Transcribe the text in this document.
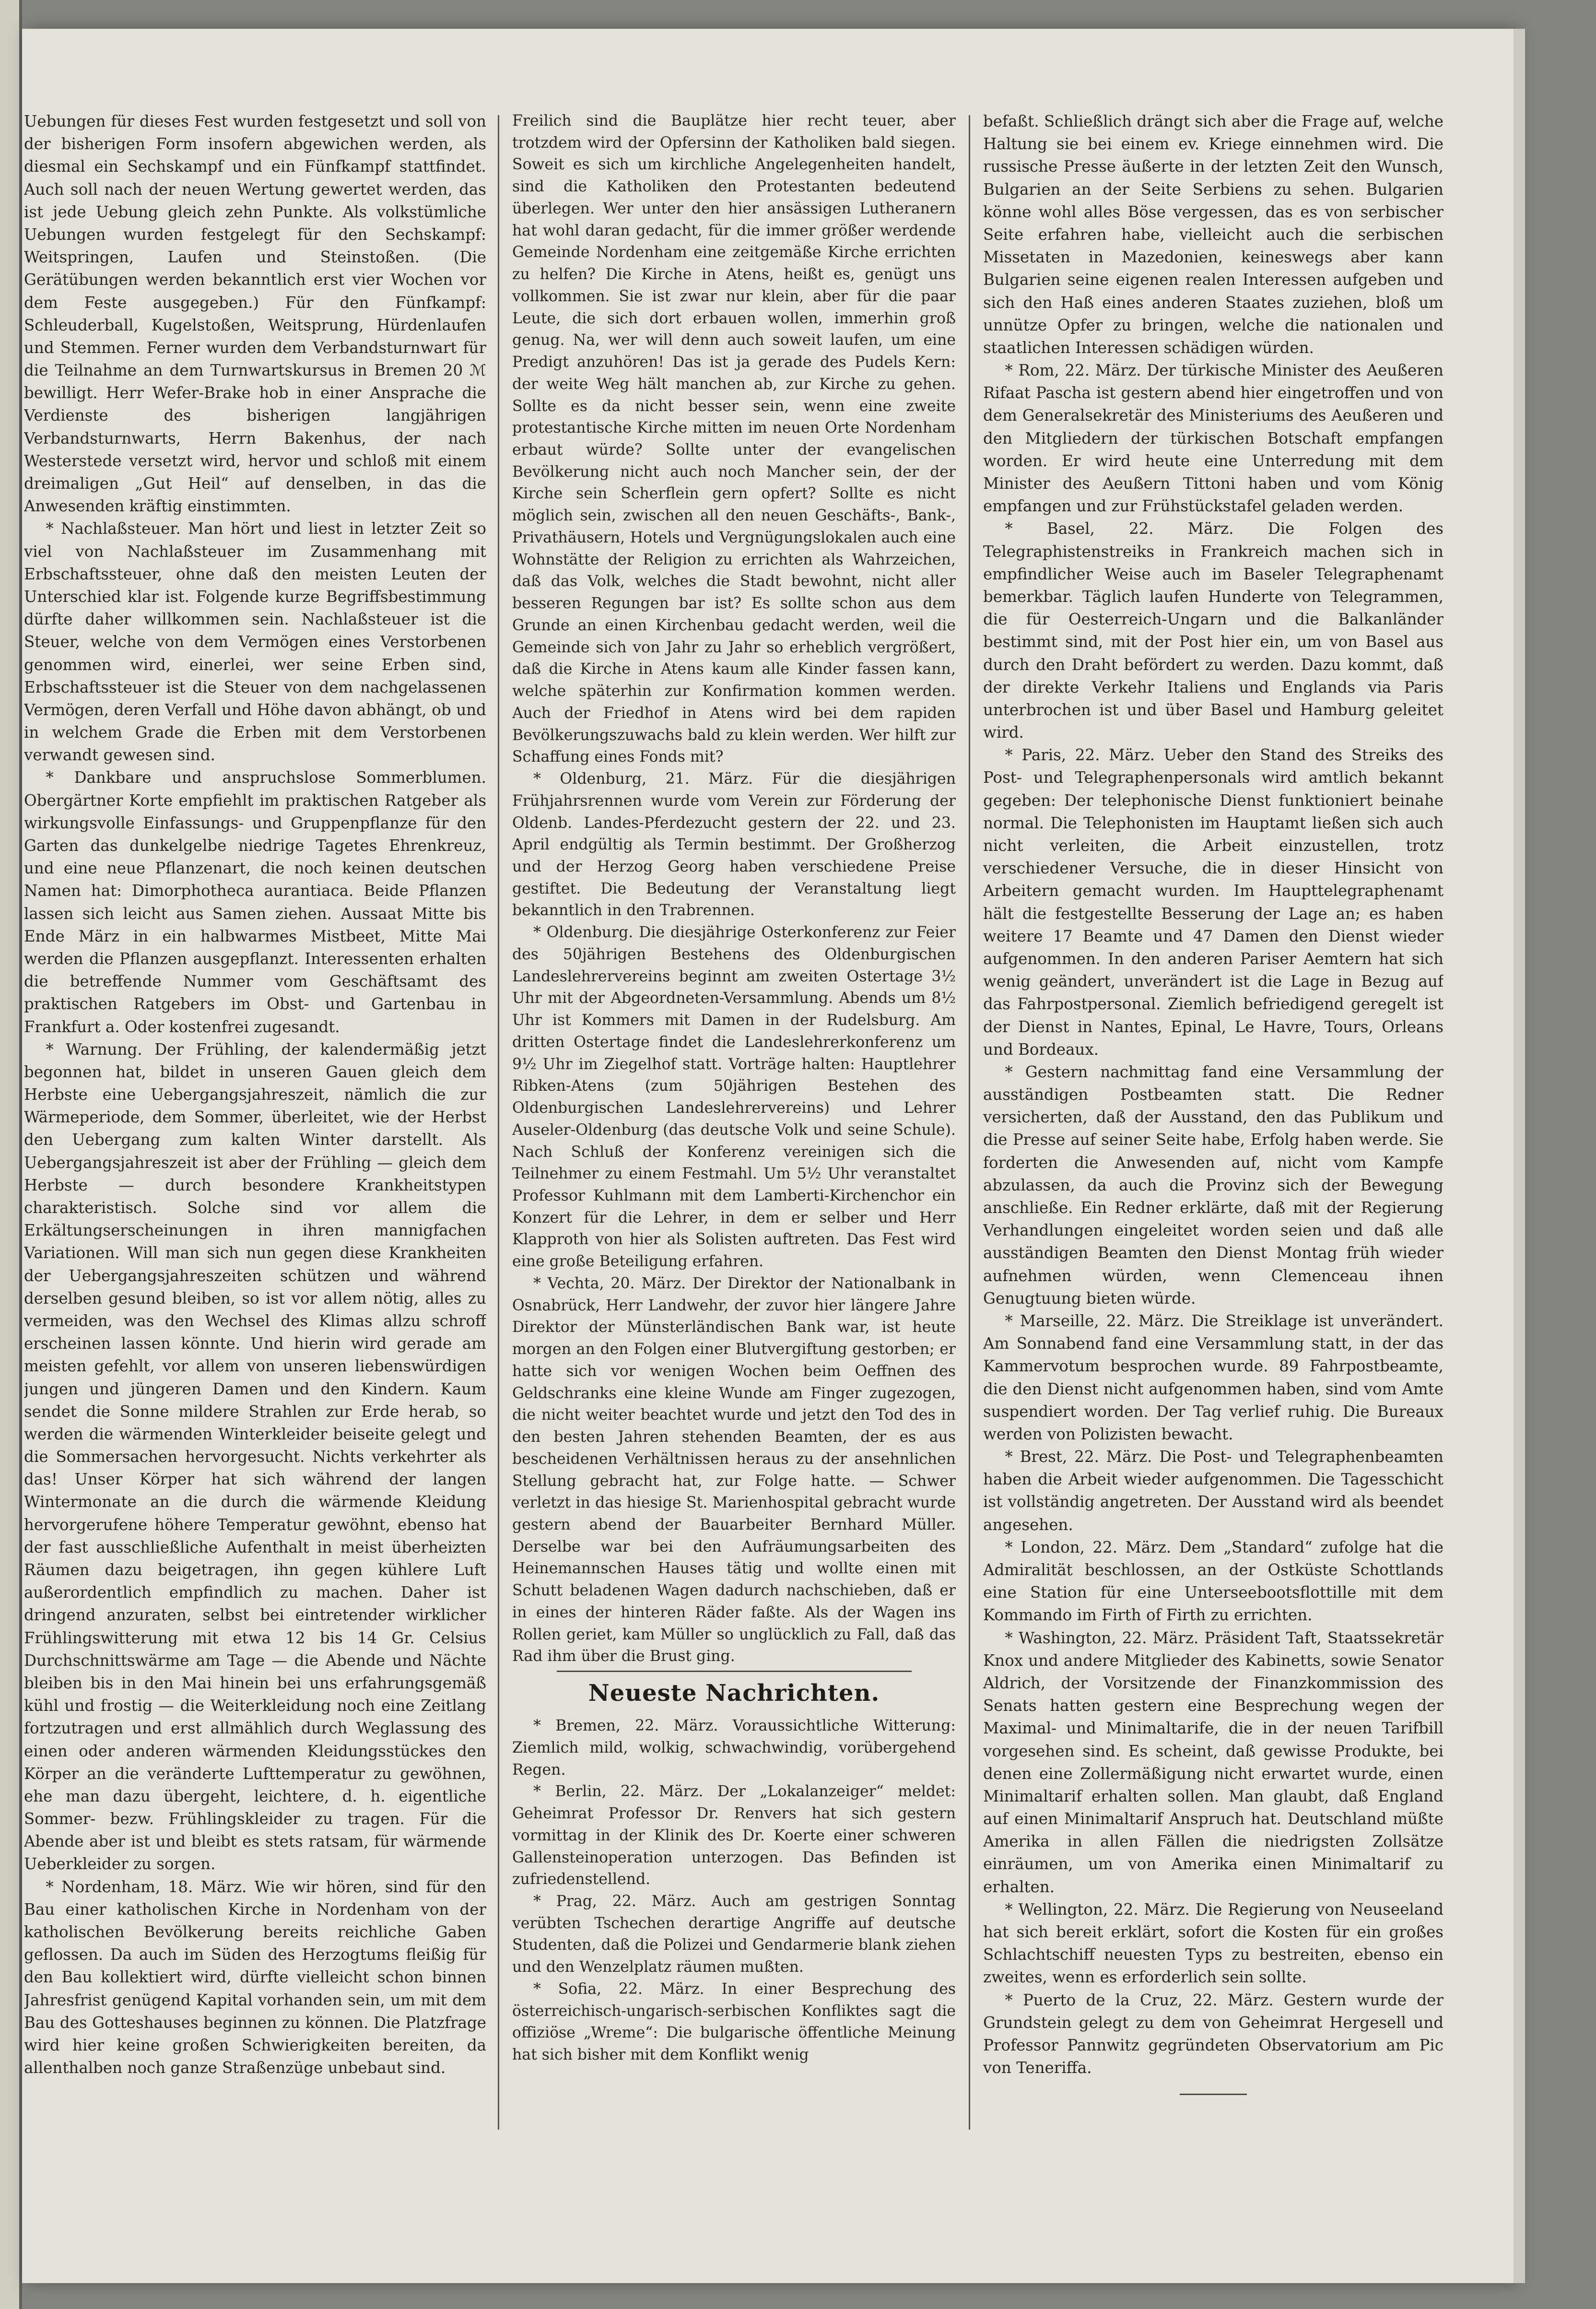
Uebungen für dieses Fest wurden festgesetzt und soll von der bisherigen Form insofern abgewichen werden, als diesmal ein Sechskampf und ein Fünfkampf stattfindet. Auch soll nach der neuen Wertung gewertet werden, das ist jede Uebung gleich zehn Punkte. Als volkstümliche Uebungen wurden festgelegt für den Sechskampf: Weitspringen, Laufen und Steinstoßen. (Die Gerätübungen werden bekanntlich erst vier Wochen vor dem Feste ausgegeben.) Für den Fünfkampf: Schleuderball, Kugelstoßen, Weitsprung, Hürdenlaufen und Stemmen. Ferner wurden dem Verbandsturnwart für die Teilnahme an dem Turnwartskursus in Bremen 20 ℳ bewilligt. Herr Wefer-Brake hob in einer Ansprache die Verdienste des bisherigen langjährigen Verbandsturnwarts, Herrn Bakenhus, der nach Westerstede versetzt wird, hervor und schloß mit einem dreimaligen „Gut Heil“ auf denselben, in das die Anwesenden kräftig einstimmten.

* Nachlaßsteuer. Man hört und liest in letzter Zeit so viel von Nachlaßsteuer im Zusammenhang mit Erbschaftssteuer, ohne daß den meisten Leuten der Unterschied klar ist. Folgende kurze Begriffsbestimmung dürfte daher willkommen sein. Nachlaßsteuer ist die Steuer, welche von dem Vermögen eines Verstorbenen genommen wird, einerlei, wer seine Erben sind, Erbschaftssteuer ist die Steuer von dem nachgelassenen Vermögen, deren Verfall und Höhe davon abhängt, ob und in welchem Grade die Erben mit dem Verstorbenen verwandt gewesen sind.

* Dankbare und anspruchslose Sommerblumen. Obergärtner Korte empfiehlt im praktischen Ratgeber als wirkungsvolle Einfassungs- und Gruppenpflanze für den Garten das dunkelgelbe niedrige Tagetes Ehrenkreuz, und eine neue Pflanzenart, die noch keinen deutschen Namen hat: Dimorphotheca aurantiaca. Beide Pflanzen lassen sich leicht aus Samen ziehen. Aussaat Mitte bis Ende März in ein halbwarmes Mistbeet, Mitte Mai werden die Pflanzen ausgepflanzt. Interessenten erhalten die betreffende Nummer vom Geschäftsamt des praktischen Ratgebers im Obst- und Gartenbau in Frankfurt a. Oder kostenfrei zugesandt.

* Warnung. Der Frühling, der kalendermäßig jetzt begonnen hat, bildet in unseren Gauen gleich dem Herbste eine Uebergangsjahreszeit, nämlich die zur Wärmeperiode, dem Sommer, überleitet, wie der Herbst den Uebergang zum kalten Winter darstellt. Als Uebergangsjahreszeit ist aber der Frühling — gleich dem Herbste — durch besondere Krankheitstypen charakteristisch. Solche sind vor allem die Erkältungserscheinungen in ihren mannigfachen Variationen. Will man sich nun gegen diese Krankheiten der Uebergangsjahreszeiten schützen und während derselben gesund bleiben, so ist vor allem nötig, alles zu vermeiden, was den Wechsel des Klimas allzu schroff erscheinen lassen könnte. Und hierin wird gerade am meisten gefehlt, vor allem von unseren liebenswürdigen jungen und jüngeren Damen und den Kindern. Kaum sendet die Sonne mildere Strahlen zur Erde herab, so werden die wärmenden Winterkleider beiseite gelegt und die Sommersachen hervorgesucht. Nichts verkehrter als das! Unser Körper hat sich während der langen Wintermonate an die durch die wärmende Kleidung hervorgerufene höhere Temperatur gewöhnt, ebenso hat der fast ausschließliche Aufenthalt in meist überheizten Räumen dazu beigetragen, ihn gegen kühlere Luft außerordentlich empfindlich zu machen. Daher ist dringend anzuraten, selbst bei eintretender wirklicher Frühlingswitterung mit etwa 12 bis 14 Gr. Celsius Durchschnittswärme am Tage — die Abende und Nächte bleiben bis in den Mai hinein bei uns erfahrungsgemäß kühl und frostig — die Weiterkleidung noch eine Zeitlang fortzutragen und erst allmählich durch Weglassung des einen oder anderen wärmenden Kleidungsstückes den Körper an die veränderte Lufttemperatur zu gewöhnen, ehe man dazu übergeht, leichtere, d. h. eigentliche Sommer- bezw. Frühlingskleider zu tragen. Für die Abende aber ist und bleibt es stets ratsam, für wärmende Ueberkleider zu sorgen.

* Nordenham, 18. März. Wie wir hören, sind für den Bau einer katholischen Kirche in Nordenham von der katholischen Bevölkerung bereits reichliche Gaben geflossen. Da auch im Süden des Herzogtums fleißig für den Bau kollektiert wird, dürfte vielleicht schon binnen Jahresfrist genügend Kapital vorhanden sein, um mit dem Bau des Gotteshauses beginnen zu können. Die Platzfrage wird hier keine großen Schwierigkeiten bereiten, da allenthalben noch ganze Straßenzüge unbebaut sind.

Freilich sind die Bauplätze hier recht teuer, aber trotzdem wird der Opfersinn der Katholiken bald siegen. Soweit es sich um kirchliche Angelegenheiten handelt, sind die Katholiken den Protestanten bedeutend überlegen. Wer unter den hier ansässigen Lutheranern hat wohl daran gedacht, für die immer größer werdende Gemeinde Nordenham eine zeitgemäße Kirche errichten zu helfen? Die Kirche in Atens, heißt es, genügt uns vollkommen. Sie ist zwar nur klein, aber für die paar Leute, die sich dort erbauen wollen, immerhin groß genug. Na, wer will denn auch soweit laufen, um eine Predigt anzuhören! Das ist ja gerade des Pudels Kern: der weite Weg hält manchen ab, zur Kirche zu gehen. Sollte es da nicht besser sein, wenn eine zweite protestantische Kirche mitten im neuen Orte Nordenham erbaut würde? Sollte unter der evangelischen Bevölkerung nicht auch noch Mancher sein, der der Kirche sein Scherflein gern opfert? Sollte es nicht möglich sein, zwischen all den neuen Geschäfts-, Bank-, Privathäusern, Hotels und Vergnügungslokalen auch eine Wohnstätte der Religion zu errichten als Wahrzeichen, daß das Volk, welches die Stadt bewohnt, nicht aller besseren Regungen bar ist? Es sollte schon aus dem Grunde an einen Kirchenbau gedacht werden, weil die Gemeinde sich von Jahr zu Jahr so erheblich vergrößert, daß die Kirche in Atens kaum alle Kinder fassen kann, welche späterhin zur Konfirmation kommen werden. Auch der Friedhof in Atens wird bei dem rapiden Bevölkerungszuwachs bald zu klein werden. Wer hilft zur Schaffung eines Fonds mit?

* Oldenburg, 21. März. Für die diesjährigen Frühjahrsrennen wurde vom Verein zur Förderung der Oldenb. Landes-Pferdezucht gestern der 22. und 23. April endgültig als Termin bestimmt. Der Großherzog und der Herzog Georg haben verschiedene Preise gestiftet. Die Bedeutung der Veranstaltung liegt bekanntlich in den Trabrennen.

* Oldenburg. Die diesjährige Osterkonferenz zur Feier des 50jährigen Bestehens des Oldenburgischen Landeslehrervereins beginnt am zweiten Ostertage 3½ Uhr mit der Abgeordneten-Versammlung. Abends um 8½ Uhr ist Kommers mit Damen in der Rudelsburg. Am dritten Ostertage findet die Landeslehrerkonferenz um 9½ Uhr im Ziegelhof statt. Vorträge halten: Hauptlehrer Ribken-Atens (zum 50jährigen Bestehen des Oldenburgischen Landeslehrervereins) und Lehrer Auseler-Oldenburg (das deutsche Volk und seine Schule). Nach Schluß der Konferenz vereinigen sich die Teilnehmer zu einem Festmahl. Um 5½ Uhr veranstaltet Professor Kuhlmann mit dem Lamberti-Kirchenchor ein Konzert für die Lehrer, in dem er selber und Herr Klapproth von hier als Solisten auftreten. Das Fest wird eine große Beteiligung erfahren.

* Vechta, 20. März. Der Direktor der Nationalbank in Osnabrück, Herr Landwehr, der zuvor hier längere Jahre Direktor der Münsterländischen Bank war, ist heute morgen an den Folgen einer Blutvergiftung gestorben; er hatte sich vor wenigen Wochen beim Oeffnen des Geldschranks eine kleine Wunde am Finger zugezogen, die nicht weiter beachtet wurde und jetzt den Tod des in den besten Jahren stehenden Beamten, der es aus bescheidenen Verhältnissen heraus zu der ansehnlichen Stellung gebracht hat, zur Folge hatte. — Schwer verletzt in das hiesige St. Marienhospital gebracht wurde gestern abend der Bauarbeiter Bernhard Müller. Derselbe war bei den Aufräumungsarbeiten des Heinemannschen Hauses tätig und wollte einen mit Schutt beladenen Wagen dadurch nachschieben, daß er in eines der hinteren Räder faßte. Als der Wagen ins Rollen geriet, kam Müller so unglücklich zu Fall, daß das Rad ihm über die Brust ging.

Neueste Nachrichten.

* Bremen, 22. März. Voraussichtliche Witterung: Ziemlich mild, wolkig, schwachwindig, vorübergehend Regen.

* Berlin, 22. März. Der „Lokalanzeiger“ meldet: Geheimrat Professor Dr. Renvers hat sich gestern vormittag in der Klinik des Dr. Koerte einer schweren Gallensteinoperation unterzogen. Das Befinden ist zufriedenstellend.

* Prag, 22. März. Auch am gestrigen Sonntag verübten Tschechen derartige Angriffe auf deutsche Studenten, daß die Polizei und Gendarmerie blank ziehen und den Wenzelplatz räumen mußten.

* Sofia, 22. März. In einer Besprechung des österreichisch-ungarisch-serbischen Konfliktes sagt die offiziöse „Wreme“: Die bulgarische öffentliche Meinung hat sich bisher mit dem Konflikt wenig

befaßt. Schließlich drängt sich aber die Frage auf, welche Haltung sie bei einem ev. Kriege einnehmen wird. Die russische Presse äußerte in der letzten Zeit den Wunsch, Bulgarien an der Seite Serbiens zu sehen. Bulgarien könne wohl alles Böse vergessen, das es von serbischer Seite erfahren habe, vielleicht auch die serbischen Missetaten in Mazedonien, keineswegs aber kann Bulgarien seine eigenen realen Interessen aufgeben und sich den Haß eines anderen Staates zuziehen, bloß um unnütze Opfer zu bringen, welche die nationalen und staatlichen Interessen schädigen würden.

* Rom, 22. März. Der türkische Minister des Aeußeren Rifaat Pascha ist gestern abend hier eingetroffen und von dem Generalsekretär des Ministeriums des Aeußeren und den Mitgliedern der türkischen Botschaft empfangen worden. Er wird heute eine Unterredung mit dem Minister des Aeußern Tittoni haben und vom König empfangen und zur Frühstückstafel geladen werden.

* Basel, 22. März. Die Folgen des Telegraphistenstreiks in Frankreich machen sich in empfindlicher Weise auch im Baseler Telegraphenamt bemerkbar. Täglich laufen Hunderte von Telegrammen, die für Oesterreich-Ungarn und die Balkanländer bestimmt sind, mit der Post hier ein, um von Basel aus durch den Draht befördert zu werden. Dazu kommt, daß der direkte Verkehr Italiens und Englands via Paris unterbrochen ist und über Basel und Hamburg geleitet wird.

* Paris, 22. März. Ueber den Stand des Streiks des Post- und Telegraphenpersonals wird amtlich bekannt gegeben: Der telephonische Dienst funktioniert beinahe normal. Die Telephonisten im Hauptamt ließen sich auch nicht verleiten, die Arbeit einzustellen, trotz verschiedener Versuche, die in dieser Hinsicht von Arbeitern gemacht wurden. Im Haupttelegraphenamt hält die festgestellte Besserung der Lage an; es haben weitere 17 Beamte und 47 Damen den Dienst wieder aufgenommen. In den anderen Pariser Aemtern hat sich wenig geändert, unverändert ist die Lage in Bezug auf das Fahrpostpersonal. Ziemlich befriedigend geregelt ist der Dienst in Nantes, Epinal, Le Havre, Tours, Orleans und Bordeaux.

* Gestern nachmittag fand eine Versammlung der ausständigen Postbeamten statt. Die Redner versicherten, daß der Ausstand, den das Publikum und die Presse auf seiner Seite habe, Erfolg haben werde. Sie forderten die Anwesenden auf, nicht vom Kampfe abzulassen, da auch die Provinz sich der Bewegung anschließe. Ein Redner erklärte, daß mit der Regierung Verhandlungen eingeleitet worden seien und daß alle ausständigen Beamten den Dienst Montag früh wieder aufnehmen würden, wenn Clemenceau ihnen Genugtuung bieten würde.

* Marseille, 22. März. Die Streiklage ist unverändert. Am Sonnabend fand eine Versammlung statt, in der das Kammervotum besprochen wurde. 89 Fahrpostbeamte, die den Dienst nicht aufgenommen haben, sind vom Amte suspendiert worden. Der Tag verlief ruhig. Die Bureaux werden von Polizisten bewacht.

* Brest, 22. März. Die Post- und Telegraphenbeamten haben die Arbeit wieder aufgenommen. Die Tagesschicht ist vollständig angetreten. Der Ausstand wird als beendet angesehen.

* London, 22. März. Dem „Standard“ zufolge hat die Admiralität beschlossen, an der Ostküste Schottlands eine Station für eine Unterseebootsflottille mit dem Kommando im Firth of Firth zu errichten.

* Washington, 22. März. Präsident Taft, Staatssekretär Knox und andere Mitglieder des Kabinetts, sowie Senator Aldrich, der Vorsitzende der Finanzkommission des Senats hatten gestern eine Besprechung wegen der Maximal- und Minimaltarife, die in der neuen Tarifbill vorgesehen sind. Es scheint, daß gewisse Produkte, bei denen eine Zollermäßigung nicht erwartet wurde, einen Minimaltarif erhalten sollen. Man glaubt, daß England auf einen Minimaltarif Anspruch hat. Deutschland müßte Amerika in allen Fällen die niedrigsten Zollsätze einräumen, um von Amerika einen Minimaltarif zu erhalten.

* Wellington, 22. März. Die Regierung von Neuseeland hat sich bereit erklärt, sofort die Kosten für ein großes Schlachtschiff neuesten Typs zu bestreiten, ebenso ein zweites, wenn es erforderlich sein sollte.

* Puerto de la Cruz, 22. März. Gestern wurde der Grundstein gelegt zu dem von Geheimrat Hergesell und Professor Pannwitz gegründeten Observatorium am Pic von Teneriffa.
